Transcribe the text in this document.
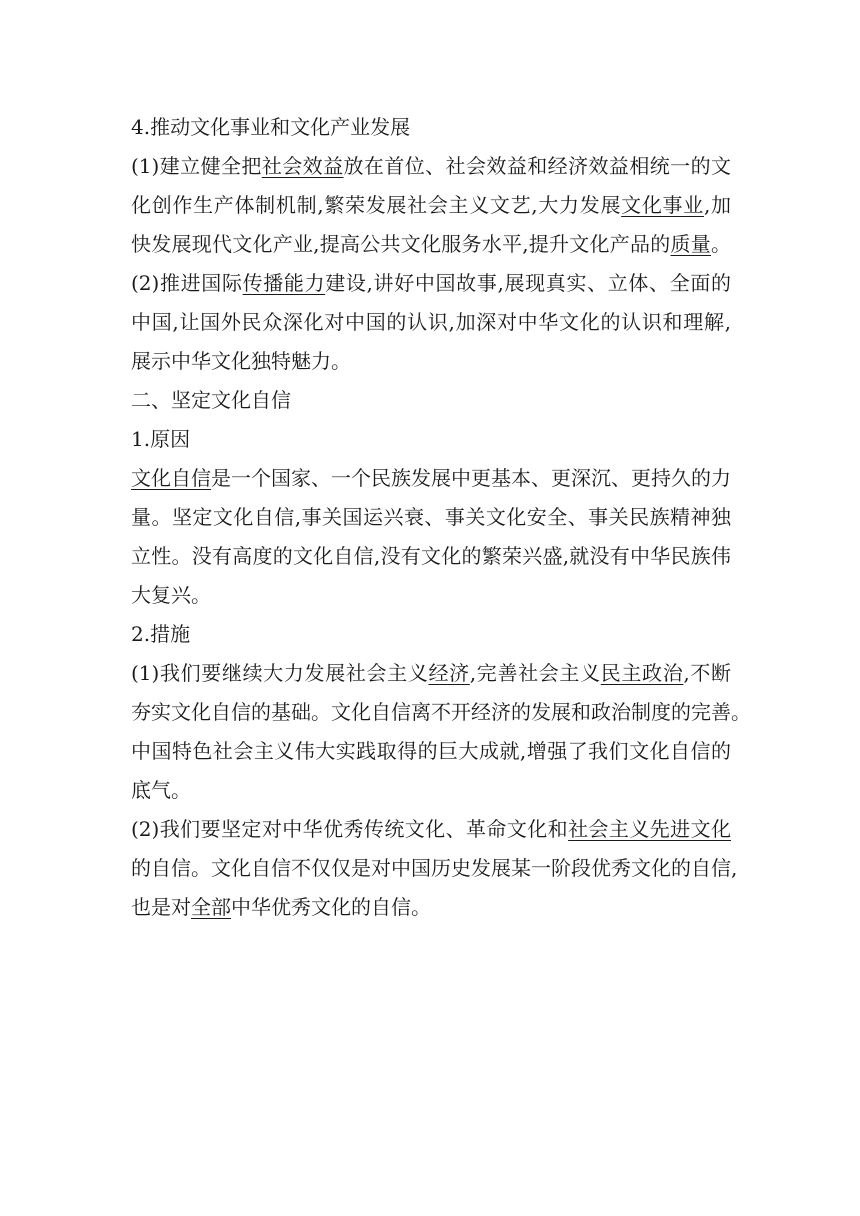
4.推动文化事业和文化产业发展
(1)建立健全把社会效益放在首位、社会效益和经济效益相统一的文
化创作生产体制机制,繁荣发展社会主义文艺,大力发展文化事业,加
快发展现代文化产业,提高公共文化服务水平,提升文化产品的质量。
(2)推进国际传播能力建设,讲好中国故事,展现真实、立体、全面的
中国,让国外民众深化对中国的认识,加深对中华文化的认识和理解,
展示中华文化独特魅力。
二、坚定文化自信
1.原因
文化自信是一个国家、一个民族发展中更基本、更深沉、更持久的力
量。坚定文化自信,事关国运兴衰、事关文化安全、事关民族精神独
立性。没有高度的文化自信,没有文化的繁荣兴盛,就没有中华民族伟
大复兴。
2.措施
(1)我们要继续大力发展社会主义经济,完善社会主义民主政治,不断
夯实文化自信的基础。文化自信离不开经济的发展和政治制度的完善。
中国特色社会主义伟大实践取得的巨大成就,增强了我们文化自信的
底气。
(2)我们要坚定对中华优秀传统文化、革命文化和社会主义先进文化
的自信。文化自信不仅仅是对中国历史发展某一阶段优秀文化的自信,
也是对全部中华优秀文化的自信。
